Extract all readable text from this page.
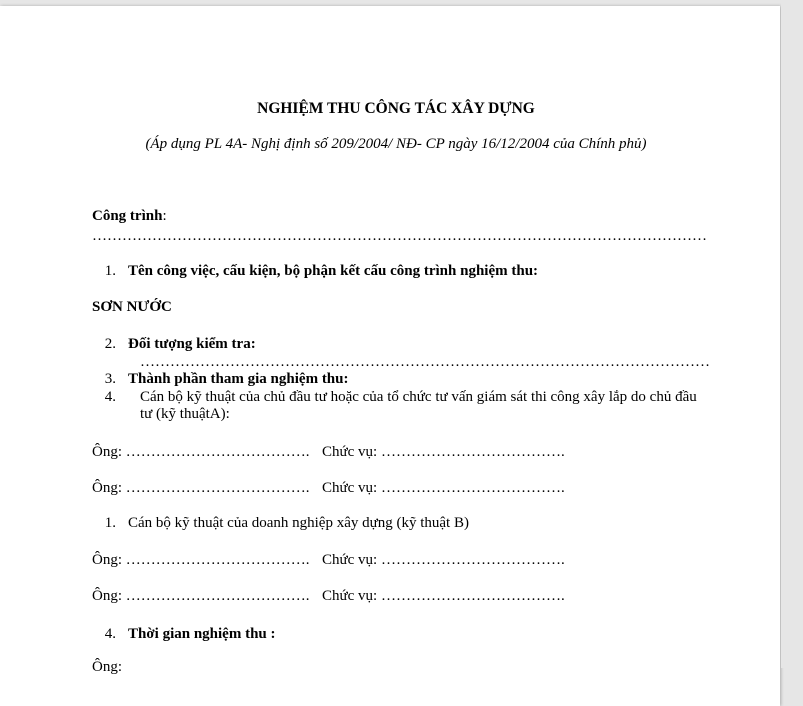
NGHIỆM THU CÔNG TÁC XÂY DỰNG
(Áp dụng PL 4A- Nghị định số 209/2004/ NĐ- CP ngày 16/12/2004 của Chính phủ)
Công trình:
……………………………………………………………………………………………………………
1. Tên công việc, cấu kiện, bộ phận kết cấu công trình nghiệm thu:
SƠN NƯỚC
2. Đối tượng kiểm tra:
……………………………………………………………………………………………………
3. Thành phần tham gia nghiệm thu:
4.	Cán bộ kỹ thuật của chủ đầu tư hoặc của tổ chức tư vấn giám sát thi công xây lắp do chủ đầu tư (kỹ thuậtA):
Ông: ………………………………. Chức vụ: ……………………………….
Ông: ………………………………. Chức vụ: ……………………………….
1. Cán bộ kỹ thuật của doanh nghiệp xây dựng (kỹ thuật B)
Ông: ………………………………. Chức vụ: ……………………………….
Ông: ………………………………. Chức vụ: ……………………………….
4. Thời gian nghiệm thu :
Ông:
